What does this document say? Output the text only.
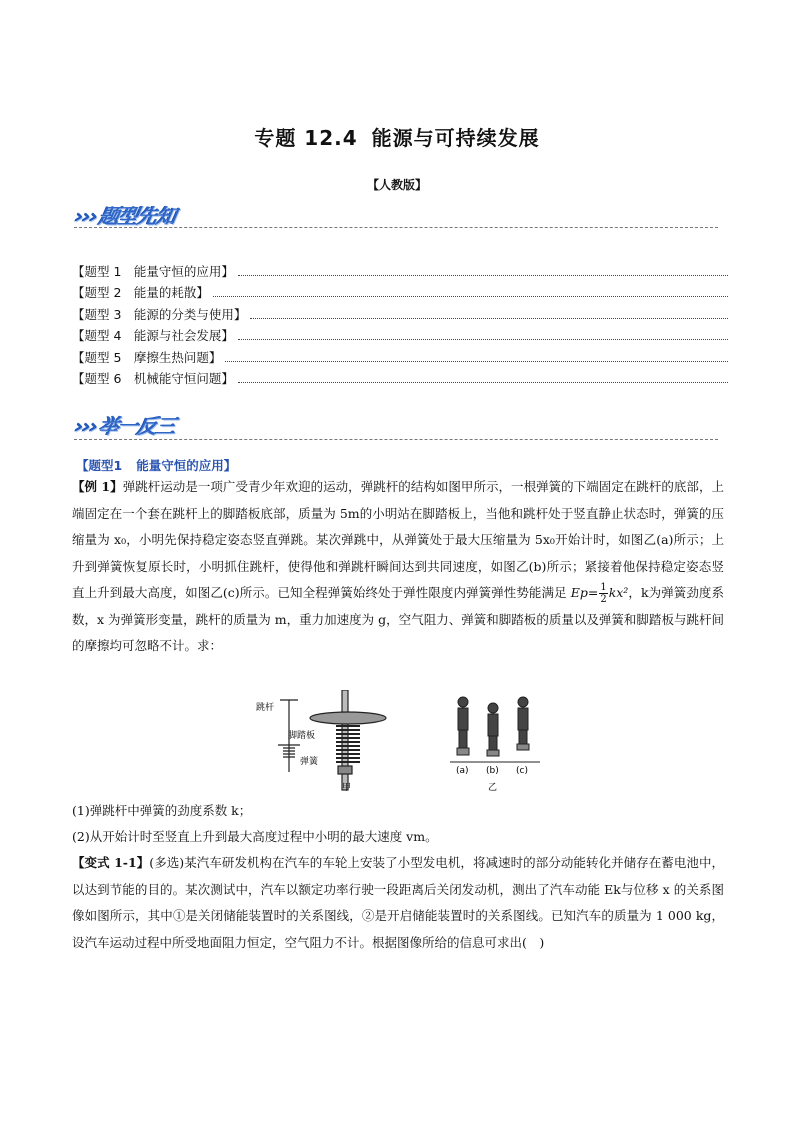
专题 12.4 能源与可持续发展
【人教版】
›››题型先知
【题型 1　能量守恒的应用】
【题型 2　能量的耗散】
【题型 3　能源的分类与使用】
【题型 4　能源与社会发展】
【题型 5　摩擦生热问题】
【题型 6　机械能守恒问题】
›››举一反三
【题型1 能量守恒的应用】

【例 1】弹跳杆运动是一项广受青少年欢迎的运动，弹跳杆的结构如图甲所示，一根弹簧的下端固定在跳杆的底部，上端固定在一个套在跳杆上的脚踏板底部，质量为 5m的小明站在脚踏板上，当他和跳杆处于竖直静止状态时，弹簧的压缩量为 x₀，小明先保持稳定姿态竖直弹跳。某次弹跳中，从弹簧处于最大压缩量为 5x₀开始计时，如图乙(a)所示；上升到弹簧恢复原长时，小明抓住跳杆，使得他和弹跳杆瞬间达到共同速度，如图乙(b)所示；紧接着他保持稳定姿态竖直上升到最大高度，如图乙(c)所示。已知全程弹簧始终处于弹性限度内弹簧弹性势能满足 $Ep= \frac{1}{2} kx^2$，k为弹簧劲度系数，x 为弹簧形变量，跳杆的质量为 m，重力加速度为 g，空气阻力、弹簧和脚踏板的质量以及弹簧和脚踏板与跳杆间的摩擦均可忽略不计。求：

跳杆
脚踏板
弹簧
甲
(a) (b) (c)
乙
(1)弹跳杆中弹簧的劲度系数 k；
(2)从开始计时至竖直上升到最大高度过程中小明的最大速度 vm。

【变式 1-1】(多选)某汽车研发机构在汽车的车轮上安装了小型发电机，将减速时的部分动能转化并储存在蓄电池中，以达到节能的目的。某次测试中，汽车以额定功率行驶一段距离后关闭发动机，测出了汽车动能 Ek与位移 x 的关系图像如图所示，其中①是关闭储能装置时的关系图线，②是开启储能装置时的关系图线。已知汽车的质量为 1 000 kg，设汽车运动过程中所受地面阻力恒定，空气阻力不计。根据图像所给的信息可求出(　)
